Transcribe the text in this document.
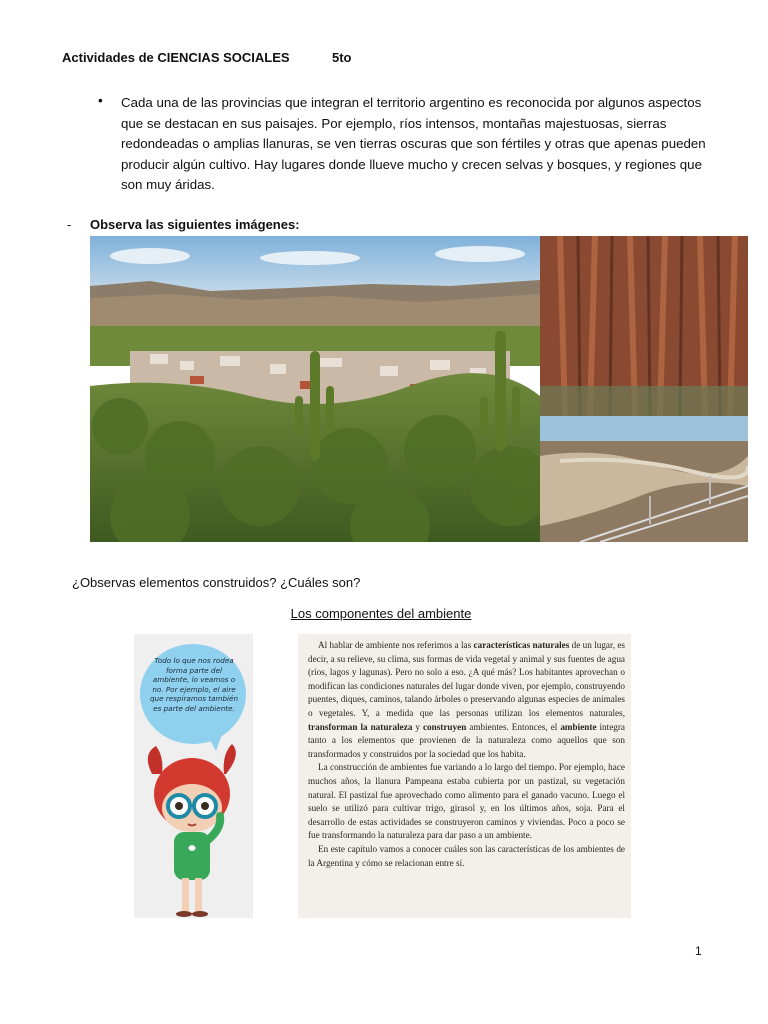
Actividades de CIENCIAS SOCIALES	5to
• Cada una de las provincias que integran el territorio argentino es reconocida por algunos aspectos que se destacan en sus paisajes. Por ejemplo, ríos intensos, montañas majestuosas, sierras redondeadas o amplias llanuras, se ven tierras oscuras que son fértiles y otras que apenas pueden producir algún cultivo. Hay lugares donde llueve mucho y crecen selvas y bosques, y regiones que son muy áridas.
- Observa las siguientes imágenes:
¿Observas elementos construidos? ¿Cuáles son?
Los componentes del ambiente
Todo lo que nos rodea forma parte del ambiente, lo veamos o no. Por ejemplo, el aire que respiramos también es parte del ambiente.

Al hablar de ambiente nos referimos a las características naturales de un lugar, es decir, a su relieve, su clima, sus formas de vida vegetal y animal y sus fuentes de agua (ríos, lagos y lagunas). Pero no solo a eso. ¿A qué más? Los habitantes aprovechan o modifican las condiciones naturales del lugar donde viven, por ejemplo, construyendo puentes, diques, caminos, talando árboles o preservando algunas especies de animales o vegetales. Y, a medida que las personas utilizan los elementos naturales, transforman la naturaleza y construyen ambientes. Entonces, el ambiente integra tanto a los elementos que provienen de la naturaleza como aquellos que son transformados y construidos por la sociedad que los habita.

La construcción de ambientes fue variando a lo largo del tiempo. Por ejemplo, hace muchos años, la llanura Pampeana estaba cubierta por un pastizal, su vegetación natural. El pastizal fue aprovechado como alimento para el ganado vacuno. Luego el suelo se utilizó para cultivar trigo, girasol y, en los últimos años, soja. Para el desarrollo de estas actividades se construyeron caminos y viviendas. Poco a poco se fue transformando la naturaleza para dar paso a un ambiente.

En este capítulo vamos a conocer cuáles son las características de los ambientes de la Argentina y cómo se relacionan entre sí.

1
